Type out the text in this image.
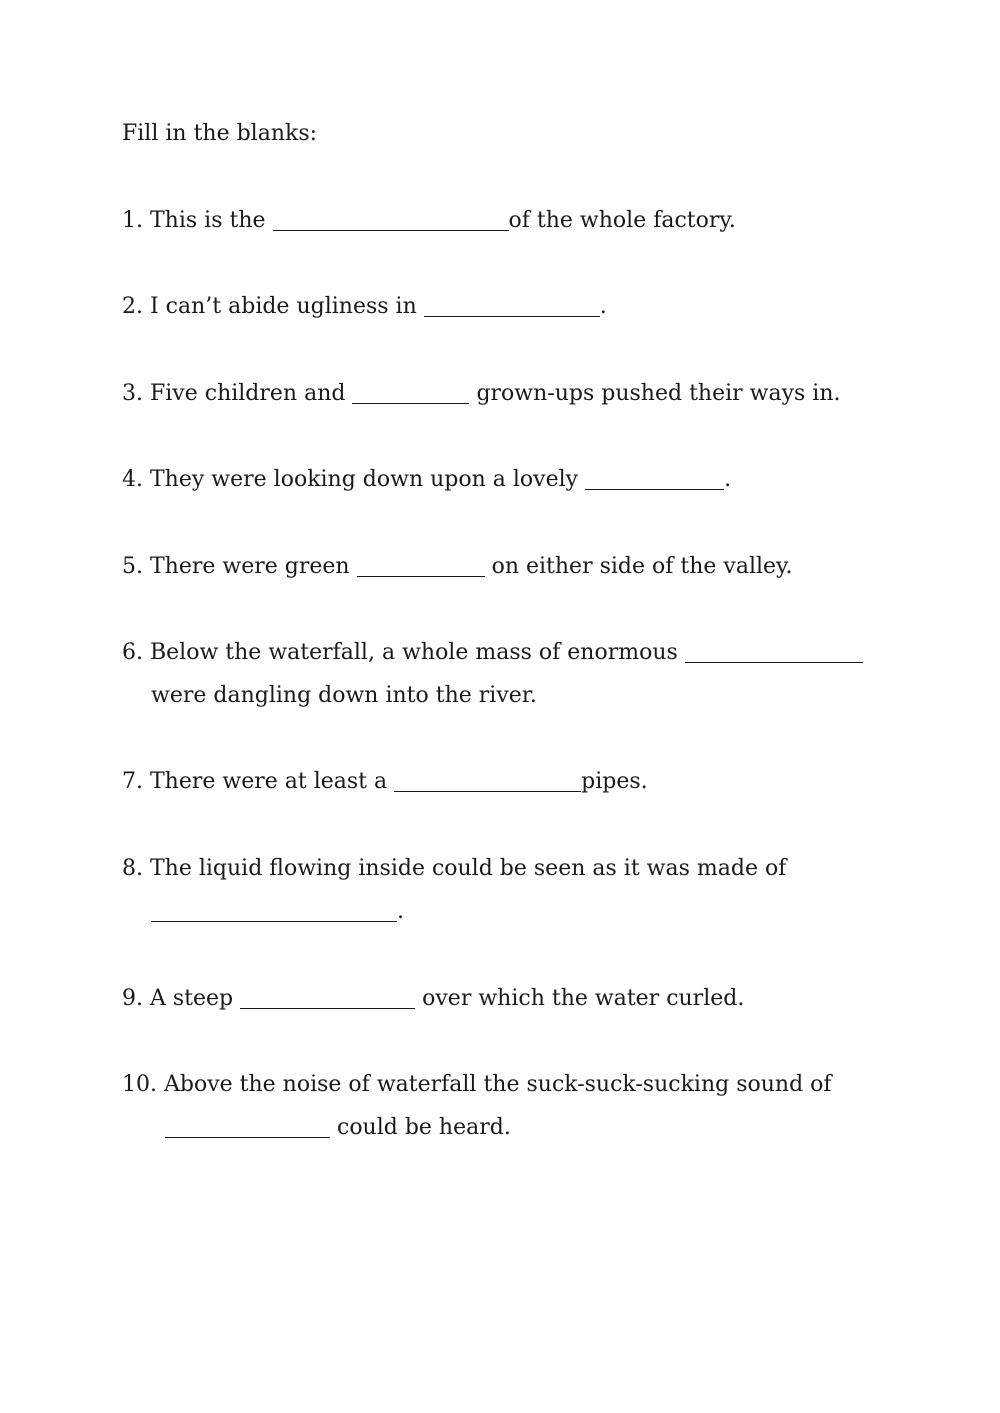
Fill in the blanks:
1. This is the	of the whole factory.
2. I can’t abide ugliness in	.
3. Five children and	grown-ups pushed their ways in.
4. They were looking down upon a lovely	.
5. There were green	on either side of the valley.
6. Below the waterfall, a whole mass of enormous
were dangling down into the river.
7. There were at least a	pipes.
8. The liquid flowing inside could be seen as it was made of
.
9. A steep	over which the water curled.
10. Above the noise of waterfall the suck-suck-sucking sound of
could be heard.
